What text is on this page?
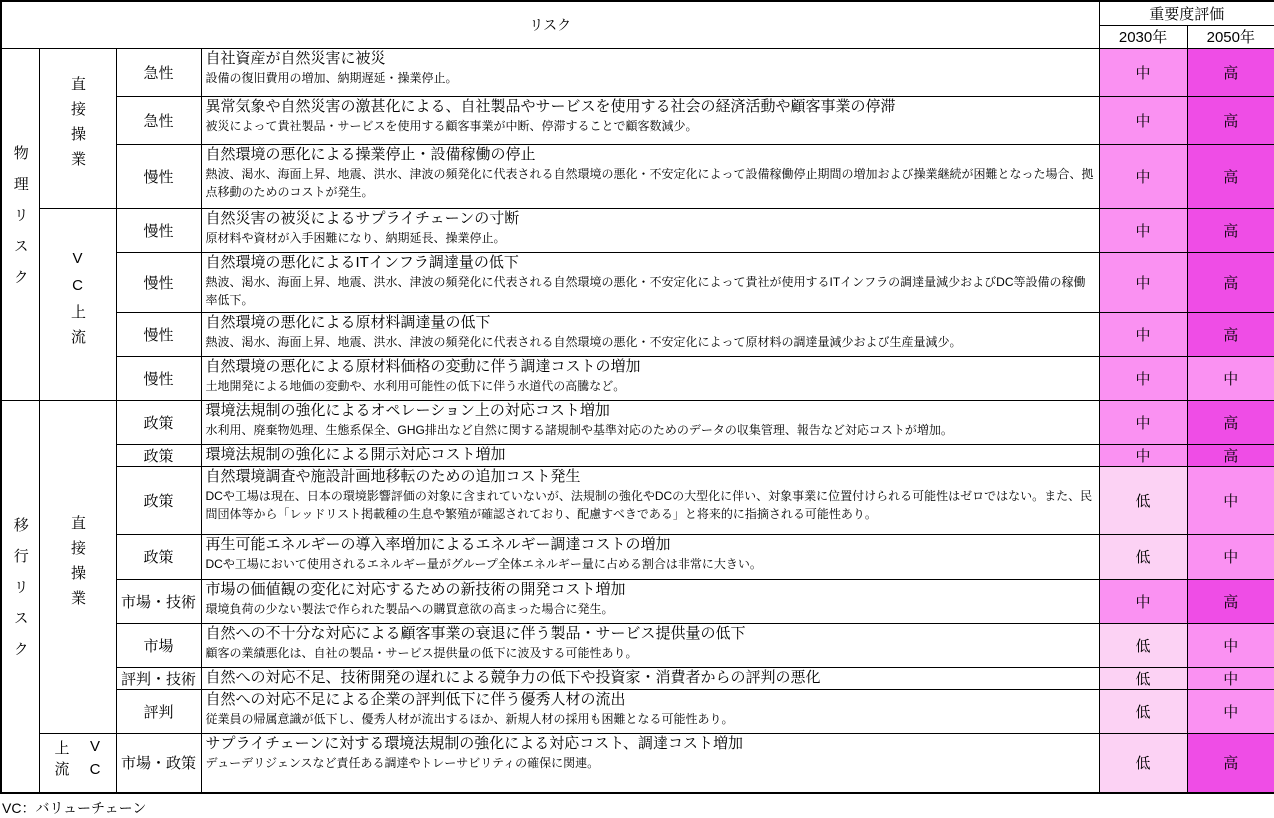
リスク				重要度評価	
				2030年	2050年
物理リスク	直接操業	急性	自社資産が自然災害に被災
設備の復旧費用の増加、納期遅延・操業停止。	中	高
		急性	異常気象や自然災害の激甚化による、自社製品やサービスを使用する社会の経済活動や顧客事業の停滞
被災によって貴社製品・サービスを使用する顧客事業が中断、停滞することで顧客数減少。	中	高
		慢性	自然環境の悪化による操業停止・設備稼働の停止
熱波、渇水、海面上昇、地震、洪水、津波の頻発化に代表される自然環境の悪化・不安定化によって設備稼働停止期間の増加および操業継続が困難となった場合、拠点移動のためのコストが発生。	中	高
	VC上流	慢性	自然災害の被災によるサプライチェーンの寸断
原材料や資材が入手困難になり、納期延長、操業停止。	中	高
		慢性	自然環境の悪化によるITインフラ調達量の低下
熱波、渇水、海面上昇、地震、洪水、津波の頻発化に代表される自然環境の悪化・不安定化によって貴社が使用するITインフラの調達量減少およびDC等設備の稼働率低下。	中	高
		慢性	自然環境の悪化による原材料調達量の低下
熱波、渇水、海面上昇、地震、洪水、津波の頻発化に代表される自然環境の悪化・不安定化によって原材料の調達量減少および生産量減少。	中	高
		慢性	自然環境の悪化による原材料価格の変動に伴う調達コストの増加
土地開発による地価の変動や、水利用可能性の低下に伴う水道代の高騰など。	中	中
移行リスク	直接操業	政策	環境法規制の強化によるオペレーション上の対応コスト増加
水利用、廃棄物処理、生態系保全、GHG排出など自然に関する諸規制や基準対応のためのデータの収集管理、報告など対応コストが増加。	中	高
		政策	環境法規制の強化による開示対応コスト増加	中	高
		政策	自然環境調査や施設計画地移転のための追加コスト発生
DCや工場は現在、日本の環境影響評価の対象に含まれていないが、法規制の強化やDCの大型化に伴い、対象事業に位置付けられる可能性はゼロではない。また、民間団体等から「レッドリスト掲載種の生息や繁殖が確認されており、配慮すべきである」と将来的に指摘される可能性あり。	低	中
		政策	再生可能エネルギーの導入率増加によるエネルギー調達コストの増加
DCや工場において使用されるエネルギー量がグループ全体エネルギー量に占める割合は非常に大きい。	低	中
		市場・技術	市場の価値観の変化に対応するための新技術の開発コスト増加
環境負荷の少ない製法で作られた製品への購買意欲の高まった場合に発生。	中	高
		市場	自然への不十分な対応による顧客事業の衰退に伴う製品・サービス提供量の低下
顧客の業績悪化は、自社の製品・サービス提供量の低下に波及する可能性あり。	低	中
		評判・技術	自然への対応不足、技術開発の遅れによる競争力の低下や投資家・消費者からの評判の悪化	低	中
		評判	自然への対応不足による企業の評判低下に伴う優秀人材の流出
従業員の帰属意識が低下し、優秀人材が流出するほか、新規人材の採用も困難となる可能性あり。	低	中
	VC上流	市場・政策	サプライチェーンに対する環境法規制の強化による対応コスト、調達コスト増加
デューデリジェンスなど責任ある調達やトレーサビリティの確保に関連。	低	高
VC：バリューチェーン
